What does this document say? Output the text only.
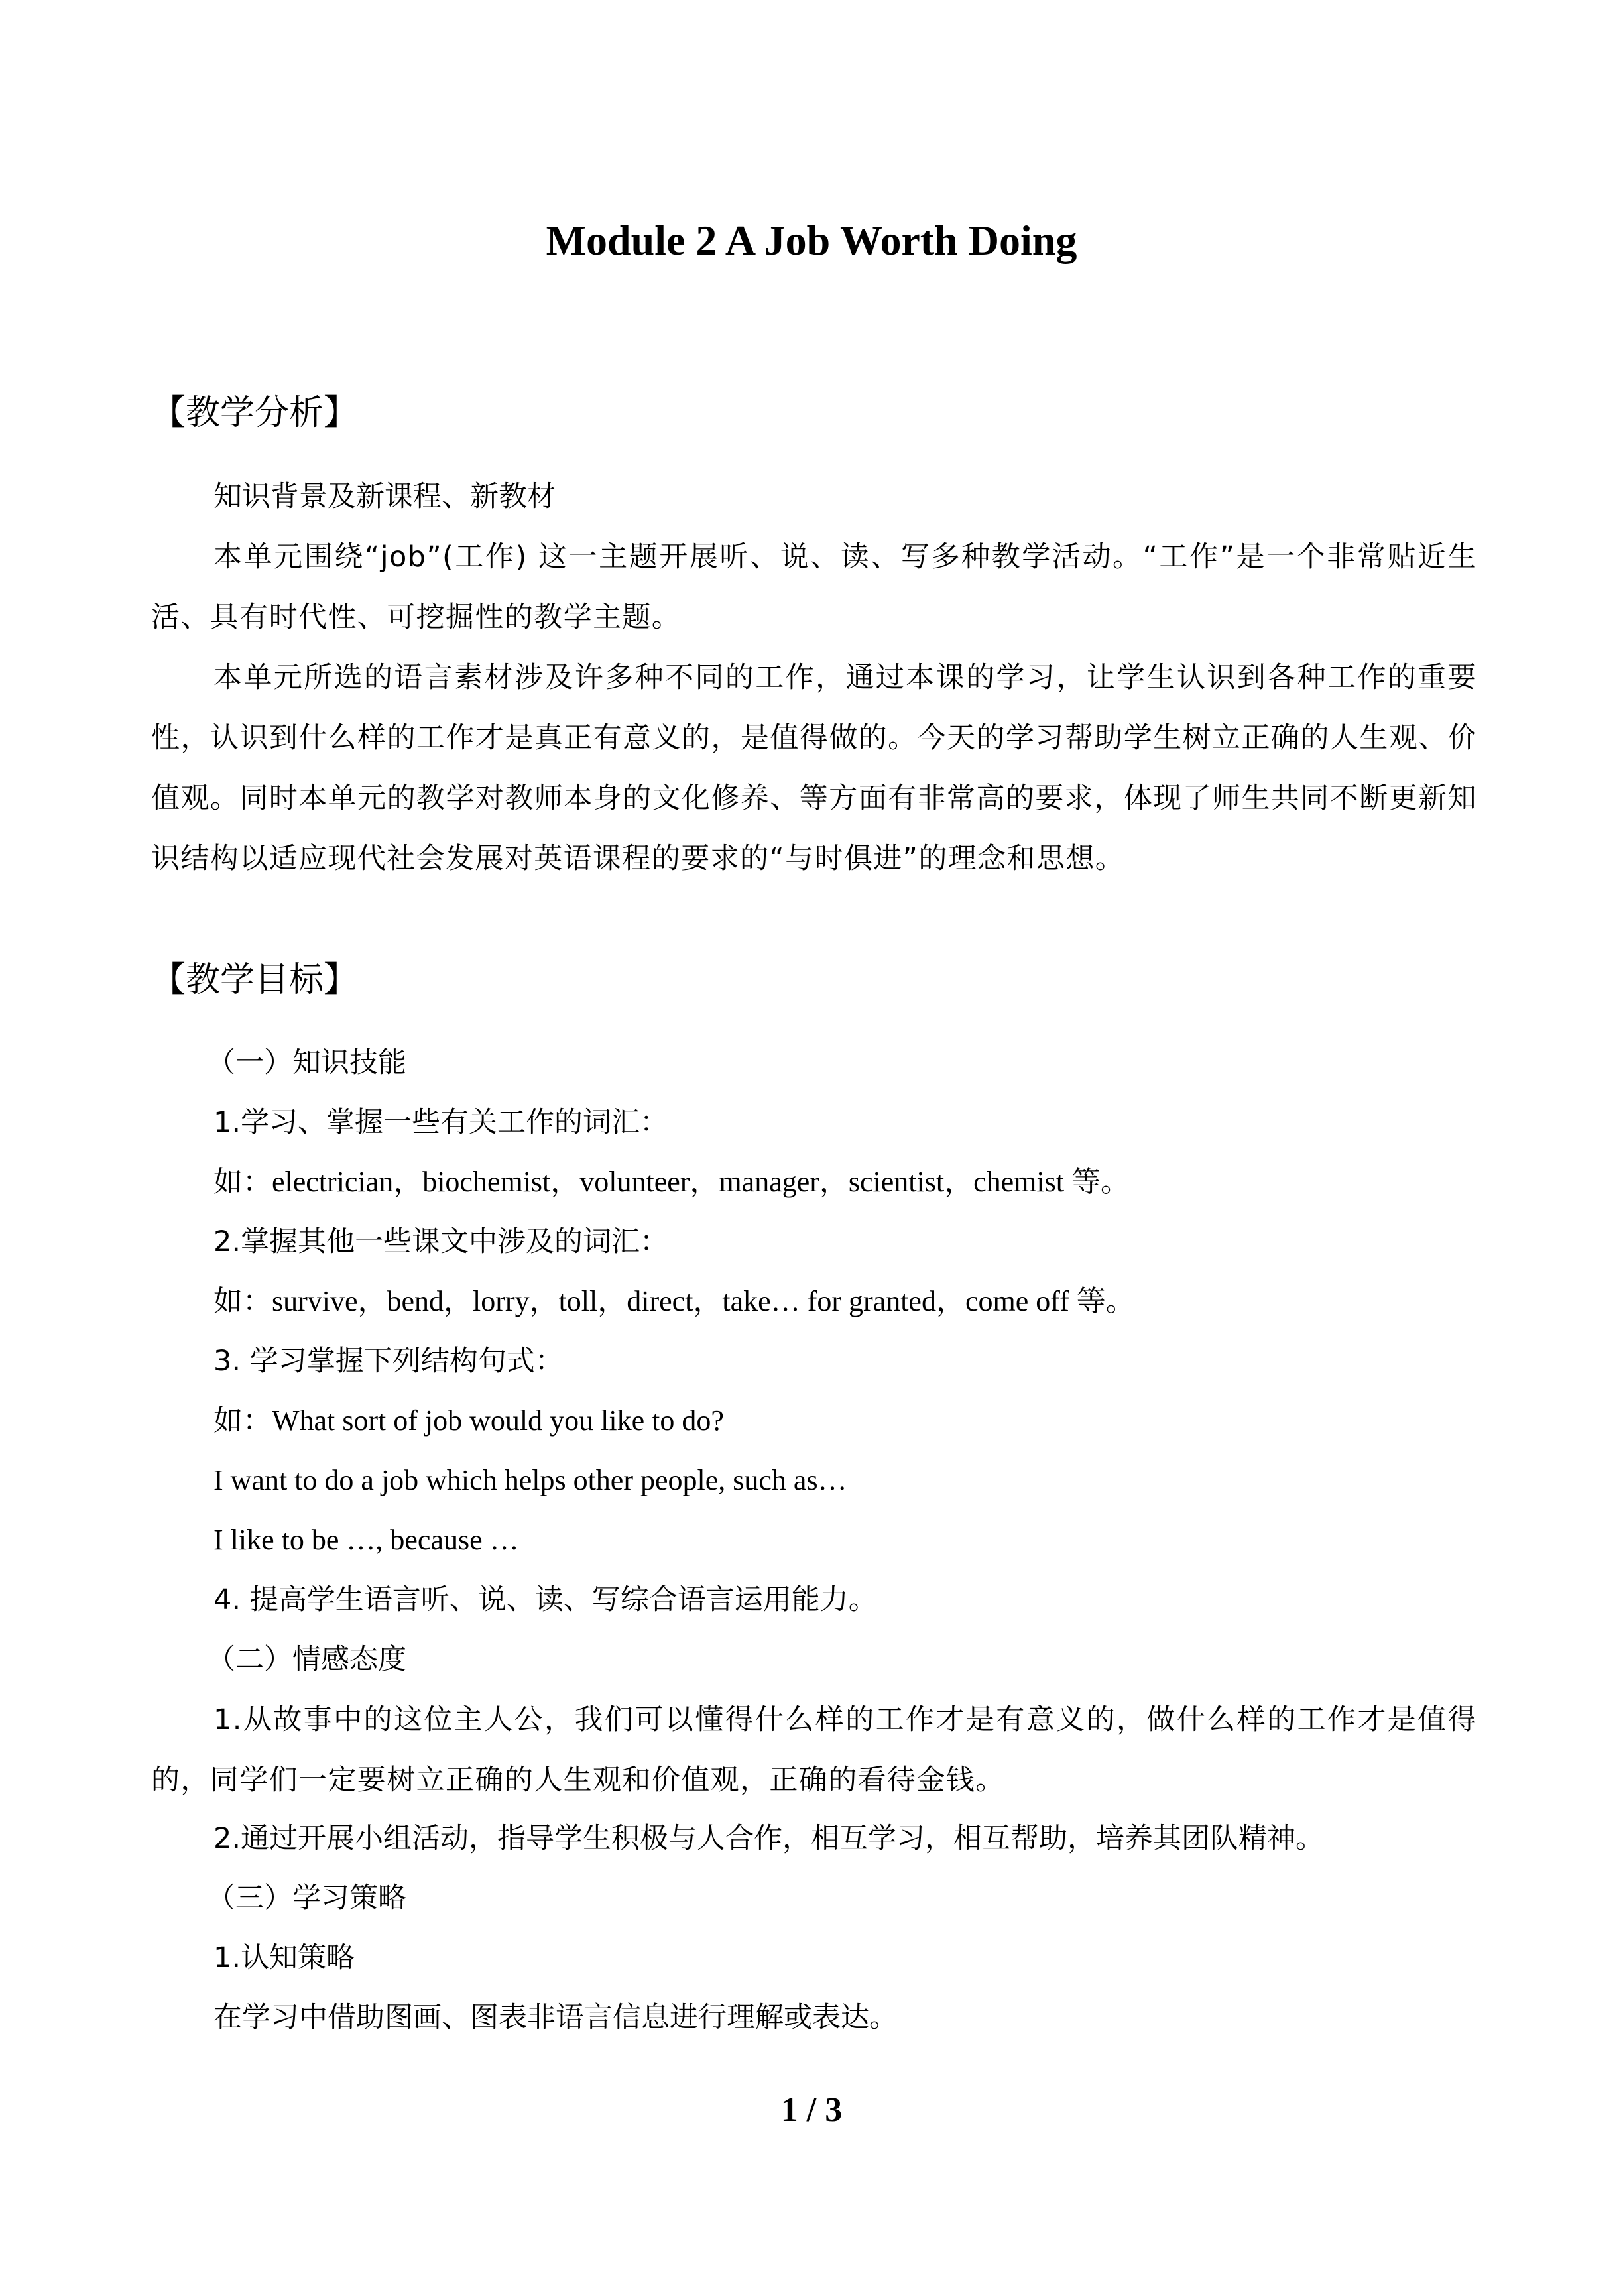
Module 2 A Job Worth Doing
【教学分析】
知识背景及新课程、新教材
本单元围绕“job”(工作) 这一主题开展听、说、读、写多种教学活动。“工作”是一个非常贴近生活、具有时代性、可挖掘性的教学主题。
本单元所选的语言素材涉及许多种不同的工作，通过本课的学习，让学生认识到各种工作的重要性，认识到什么样的工作才是真正有意义的，是值得做的。今天的学习帮助学生树立正确的人生观、价值观。同时本单元的教学对教师本身的文化修养、等方面有非常高的要求，体现了师生共同不断更新知识结构以适应现代社会发展对英语课程的要求的“与时俱进”的理念和思想。
【教学目标】
（一）知识技能
1.学习、掌握一些有关工作的词汇：
如：electrician，biochemist，volunteer，manager，scientist，chemist 等。
2.掌握其他一些课文中涉及的词汇：
如：survive，bend，lorry，toll，direct，take… for granted，come off 等。
3. 学习掌握下列结构句式：
如：What sort of job would you like to do?
I want to do a job which helps other people, such as…
I like to be …, because …
4. 提高学生语言听、说、读、写综合语言运用能力。
（二）情感态度
1.从故事中的这位主人公，我们可以懂得什么样的工作才是有意义的，做什么样的工作才是值得的，同学们一定要树立正确的人生观和价值观，正确的看待金钱。
2.通过开展小组活动，指导学生积极与人合作，相互学习，相互帮助，培养其团队精神。
（三）学习策略
1.认知策略
在学习中借助图画、图表非语言信息进行理解或表达。
1 / 3
